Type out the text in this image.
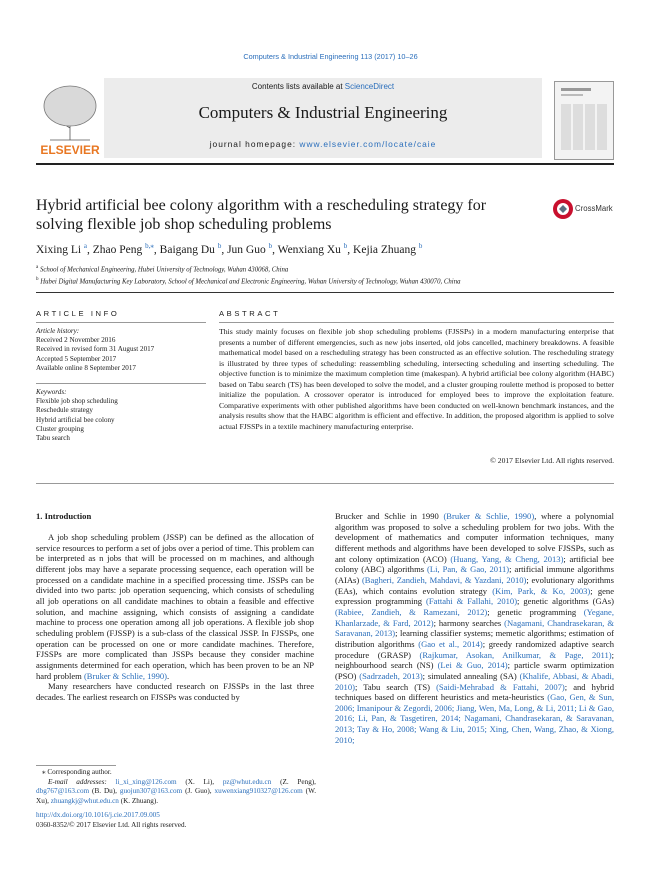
Computers & Industrial Engineering 113 (2017) 10–26
ELSEVIER
Contents lists available at ScienceDirect
Computers & Industrial Engineering
journal homepage: www.elsevier.com/locate/caie
Hybrid artificial bee colony algorithm with a rescheduling strategy for
solving flexible job shop scheduling problems
CrossMark
Xixing Li $^a$, Zhao Peng $^{b,⁎}$, Baigang Du $^b$, Jun Guo $^b$, Wenxiang Xu $^b$, Kejia Zhuang $^b$
$^a$ School of Mechanical Engineering, Hubei University of Technology, Wuhan 430068, China
$^b$ Hubei Digital Manufacturing Key Laboratory, School of Mechanical and Electronic Engineering, Wuhan University of Technology, Wuhan 430070, China
ARTICLE INFO
Article history:
Received 2 November 2016
Received in revised form 31 August 2017
Accepted 5 September 2017
Available online 8 September 2017
Keywords:
Flexible job shop scheduling
Reschedule strategy
Hybrid artificial bee colony
Cluster grouping
Tabu search
ABSTRACT
This study mainly focuses on flexible job shop scheduling problems (FJSSPs) in a modern manufacturing enterprise that presents a number of different emergencies, such as new jobs inserted, old jobs cancelled, machinery breakdowns. A feasible mathematical model based on a rescheduling strategy has been constructed as an effective solution. The rescheduling strategy is illustrated by three types of scheduling: reassembling scheduling, intersecting scheduling and inserting scheduling. The objective function is to minimize the maximum completion time (makespan). A hybrid artificial bee colony algorithm (HABC) based on Tabu search (TS) has been developed to solve the model, and a cluster grouping roulette method is proposed to better initialize the population. A crossover operator is introduced for employed bees to improve the exploitation feature. Comparative experiments with other published algorithms have been conducted on well-known benchmark instances, and the analysis results show that the HABC algorithm is efficient and effective. In addition, the proposed algorithm is applied to solve actual FJSSPs in a textile machinery manufacturing enterprise.
© 2017 Elsevier Ltd. All rights reserved.
1. Introduction

A job shop scheduling problem (JSSP) can be defined as the allocation of service resources to perform a set of jobs over a period of time. This problem can be interpreted as n jobs that will be processed on m machines, and although different jobs may have a separate processing sequence, each operation will be processed on a candidate machine in a specified processing time. JSSPs can be divided into two parts: job operation sequencing, which consists of scheduling all job operations on all candidate machines to obtain a feasible and effective solution, and machine assigning, which consists of assigning a candidate machine to process one operation among all job operations. A flexible job shop scheduling problem (FJSSP) is a sub-class of the classical JSSP. In FJSSPs, one operation can be processed on one or more candidate machines. Therefore, FJSSPs are more complicated than JSSPs because they consider machine assignments determined for each operation, which has been proven to be an NP hard problem (Bruker & Schlie, 1990).

Many researchers have conducted research on FJSSPs in the last three decades. The earliest research on FJSSPs was conducted by

Brucker and Schlie in 1990 (Bruker & Schlie, 1990), where a polynomial algorithm was proposed to solve a scheduling problem for two jobs. With the development of mathematics and computer information techniques, many different methods and algorithms have been developed to solve FJSSPs, such as ant colony optimization (ACO) (Huang, Yang, & Cheng, 2013); artificial bee colony (ABC) algorithms (Li, Pan, & Gao, 2011); artificial immune algorithms (AIAs) (Bagheri, Zandieh, Mahdavi, & Yazdani, 2010); evolutionary algorithms (EAs), which contains evolution strategy (Kim, Park, & Ko, 2003); gene expression programming (Fattahi & Fallahi, 2010); genetic algorithms (GAs) (Rabiee, Zandieh, & Ramezani, 2012); genetic programming (Yegane, Khanlarzade, & Fard, 2012); harmony searches (Nagamani, Chandrasekaran, & Saravanan, 2013); learning classifier systems; memetic algorithms; estimation of distribution algorithms (Gao et al., 2014); greedy randomized adaptive search procedure (GRASP) (Rajkumar, Asokan, Anilkumar, & Page, 2011); neighbourhood search (NS) (Lei & Guo, 2014); particle swarm optimization (PSO) (Sadrzadeh, 2013); simulated annealing (SA) (Khalife, Abbasi, & Abadi, 2010); Tabu search (TS) (Saidi-Mehrabad & Fattahi, 2007); and hybrid techniques based on different heuristics and meta-heuristics (Gao, Gen, & Sun, 2006; Imanipour & Zegordi, 2006; Jiang, Wen, Ma, Long, & Li, 2011; Li & Gao, 2016; Li, Pan, & Tasgetiren, 2014; Nagamani, Chandrasekaran, & Saravanan, 2013; Tay & Ho, 2008; Wang & Liu, 2015; Xing, Chen, Wang, Zhao, & Xiong, 2010;

⁎ Corresponding author.
E-mail addresses: li_xi_xing@126.com (X. Li), pz@whut.edu.cn (Z. Peng), dbg767@163.com (B. Du), guojun307@163.com (J. Guo), xuwenxiang910327@126.com (W. Xu), zhuangkj@whut.edu.cn (K. Zhuang).
http://dx.doi.org/10.1016/j.cie.2017.09.005
0360-8352/© 2017 Elsevier Ltd. All rights reserved.
